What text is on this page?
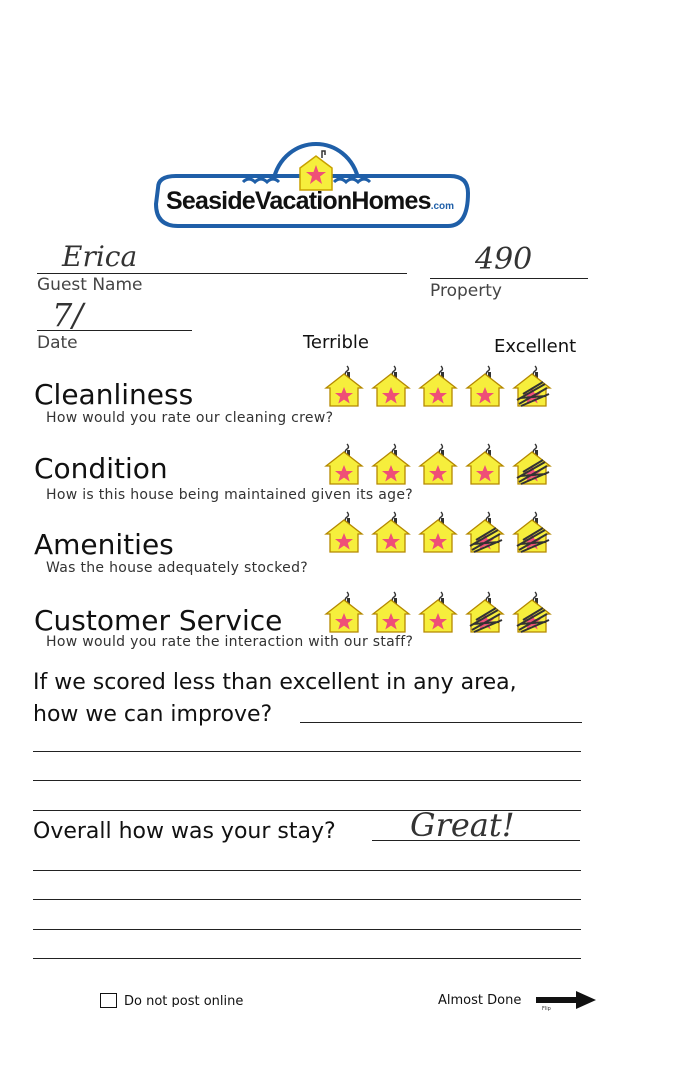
SeasideVacationHomes.com
Erica
Guest Name
490
Property
7/
Date	Terrible	Excellent
Cleanliness
How would you rate our cleaning crew?
Condition
How is this house being maintained given its age?
Amenities
Was the house adequately stocked?
Customer Service
How would you rate the interaction with our staff?
If we scored less than excellent in any area,
how we can improve?
Overall how was your stay? Great!
Do not post online	Almost Done
Flip
